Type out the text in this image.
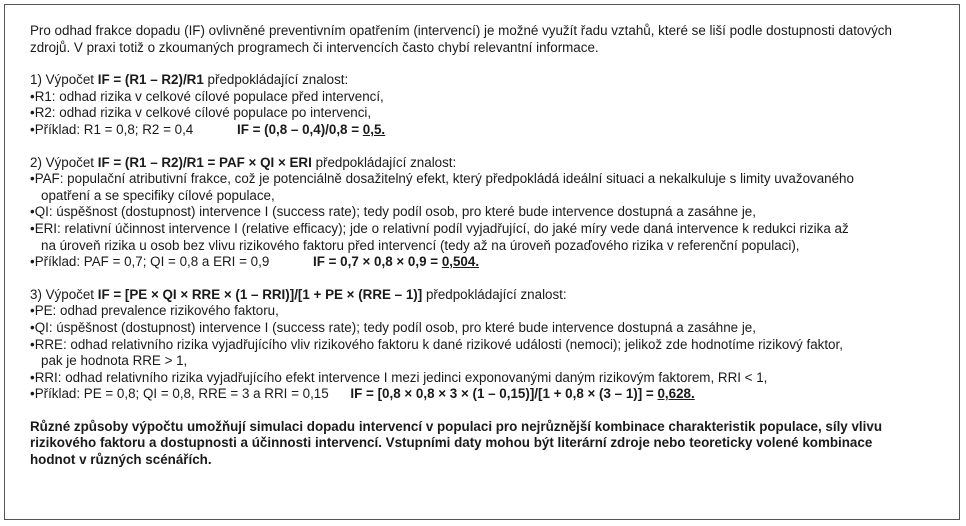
Pro odhad frakce dopadu (IF) ovlivněné preventivním opatřením (intervencí) je možné využít řadu vztahů, které se liší podle dostupnosti datových zdrojů. V praxi totiž o zkoumaných programech či intervencích často chybí relevantní informace.

1) Výpočet IF = (R1 – R2)/R1 předpokládající znalost:

•R1: odhad rizika v celkové cílové populace před intervencí,

•R2: odhad rizika v celkové cílové populace po intervenci,

•Příklad: R1 = 0,8; R2 = 0,4	IF = (0,8 – 0,4)/0,8 = 0,5.

2) Výpočet IF = (R1 – R2)/R1 = PAF × QI × ERI předpokládající znalost:

•PAF: populační atributivní frakce, což je potenciálně dosažitelný efekt, který předpokládá ideální situaci a nekalkuluje s limity uvažovaného

opatření a se specifiky cílové populace,

•QI: úspěšnost (dostupnost) intervence I (success rate); tedy podíl osob, pro které bude intervence dostupná a zasáhne je,

•ERI: relativní účinnost intervence I (relative efficacy); jde o relativní podíl vyjadřující, do jaké míry vede daná intervence k redukci rizika až

na úroveň rizika u osob bez vlivu rizikového faktoru před intervencí (tedy až na úroveň pozaďového rizika v referenční populaci),

•Příklad: PAF = 0,7; QI = 0,8 a ERI = 0,9	IF = 0,7 × 0,8 × 0,9 = 0,504.

3) Výpočet IF = [PE × QI × RRE × (1 – RRI)]/[1 + PE × (RRE – 1)] předpokládající znalost:

•PE: odhad prevalence rizikového faktoru,

•QI: úspěšnost (dostupnost) intervence I (success rate); tedy podíl osob, pro které bude intervence dostupná a zasáhne je,

•RRE: odhad relativního rizika vyjadřujícího vliv rizikového faktoru k dané rizikové události (nemoci); jelikož zde hodnotíme rizikový faktor,

pak je hodnota RRE > 1,

•RRI: odhad relativního rizika vyjadřujícího efekt intervence I mezi jedinci exponovanými daným rizikovým faktorem, RRI < 1,

•Příklad: PE = 0,8; QI = 0,8, RRE = 3 a RRI = 0,15 IF = [0,8 × 0,8 × 3 × (1 – 0,15)]/[1 + 0,8 × (3 – 1)] = 0,628.

Různé způsoby výpočtu umožňují simulaci dopadu intervencí v populaci pro nejrůznější kombinace charakteristik populace, síly vlivu rizikového faktoru a dostupnosti a účinnosti intervencí. Vstupními daty mohou být literární zdroje nebo teoreticky volené kombinace hodnot v různých scénářích.
